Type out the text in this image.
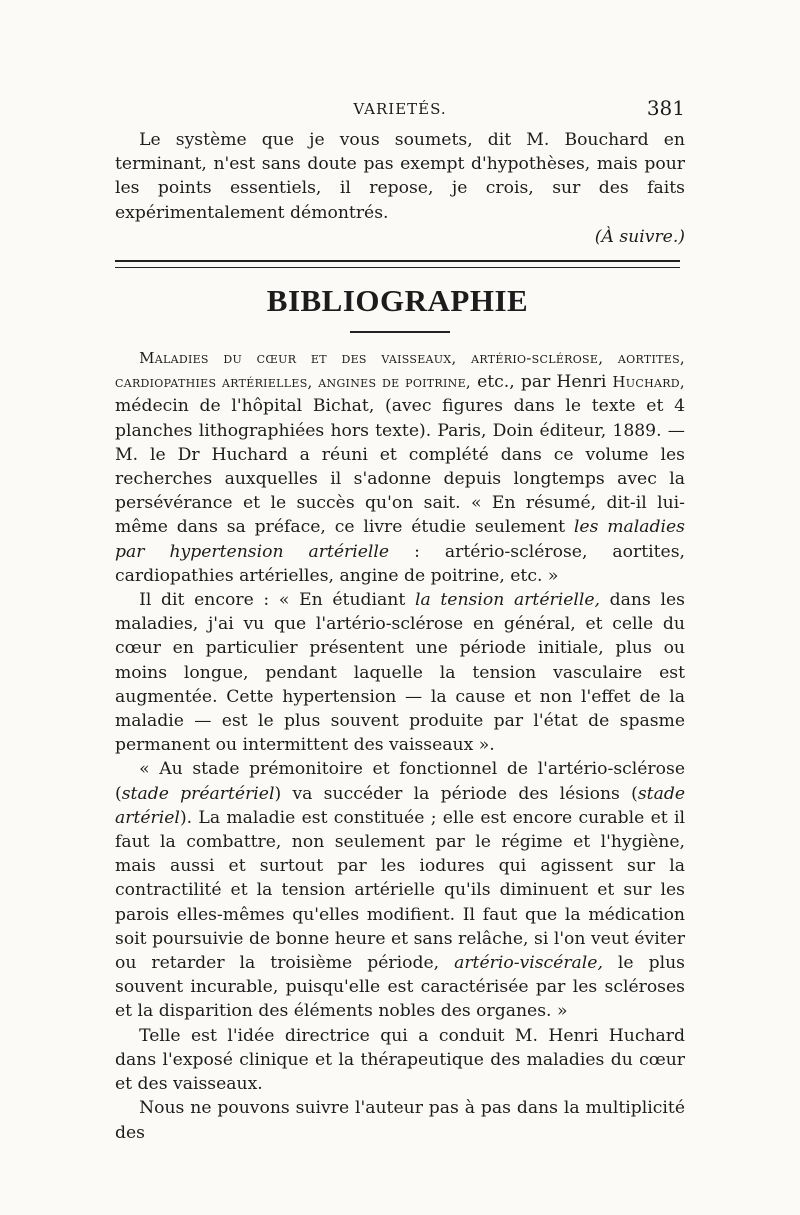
VARIETÉS.	381

Le système que je vous soumets, dit M. Bouchard en terminant, n'est sans doute pas exempt d'hypothèses, mais pour les points essentiels, il repose, je crois, sur des faits expérimentalement démontrés.

(À suivre.)

BIBLIOGRAPHIE

Maladies du cœur et des vaisseaux, artério-sclérose, aortites, cardiopathies artérielles, angines de poitrine, etc., par Henri Huchard, médecin de l'hôpital Bichat, (avec figures dans le texte et 4 planches lithographiées hors texte). Paris, Doin éditeur, 1889. — M. le Dr Huchard a réuni et complété dans ce volume les recherches auxquelles il s'adonne depuis longtemps avec la persévérance et le succès qu'on sait. « En résumé, dit-il lui-même dans sa préface, ce livre étudie seulement les maladies par hypertension artérielle : artério-sclérose, aortites, cardiopathies artérielles, angine de poitrine, etc. »

Il dit encore : « En étudiant la tension artérielle, dans les maladies, j'ai vu que l'artério-sclérose en général, et celle du cœur en particulier présentent une période initiale, plus ou moins longue, pendant laquelle la tension vasculaire est augmentée. Cette hypertension — la cause et non l'effet de la maladie — est le plus souvent produite par l'état de spasme permanent ou intermittent des vaisseaux ».

« Au stade prémonitoire et fonctionnel de l'artério-sclérose (stade préartériel) va succéder la période des lésions (stade artériel). La maladie est constituée ; elle est encore curable et il faut la combattre, non seulement par le régime et l'hygiène, mais aussi et surtout par les iodures qui agissent sur la contractilité et la tension artérielle qu'ils diminuent et sur les parois elles-mêmes qu'elles modifient. Il faut que la médication soit poursuivie de bonne heure et sans relâche, si l'on veut éviter ou retarder la troisième période, artério-viscérale, le plus souvent incurable, puisqu'elle est caractérisée par les scléroses et la disparition des éléments nobles des organes. »

Telle est l'idée directrice qui a conduit M. Henri Huchard dans l'exposé clinique et la thérapeutique des maladies du cœur et des vaisseaux.

Nous ne pouvons suivre l'auteur pas à pas dans la multiplicité des
